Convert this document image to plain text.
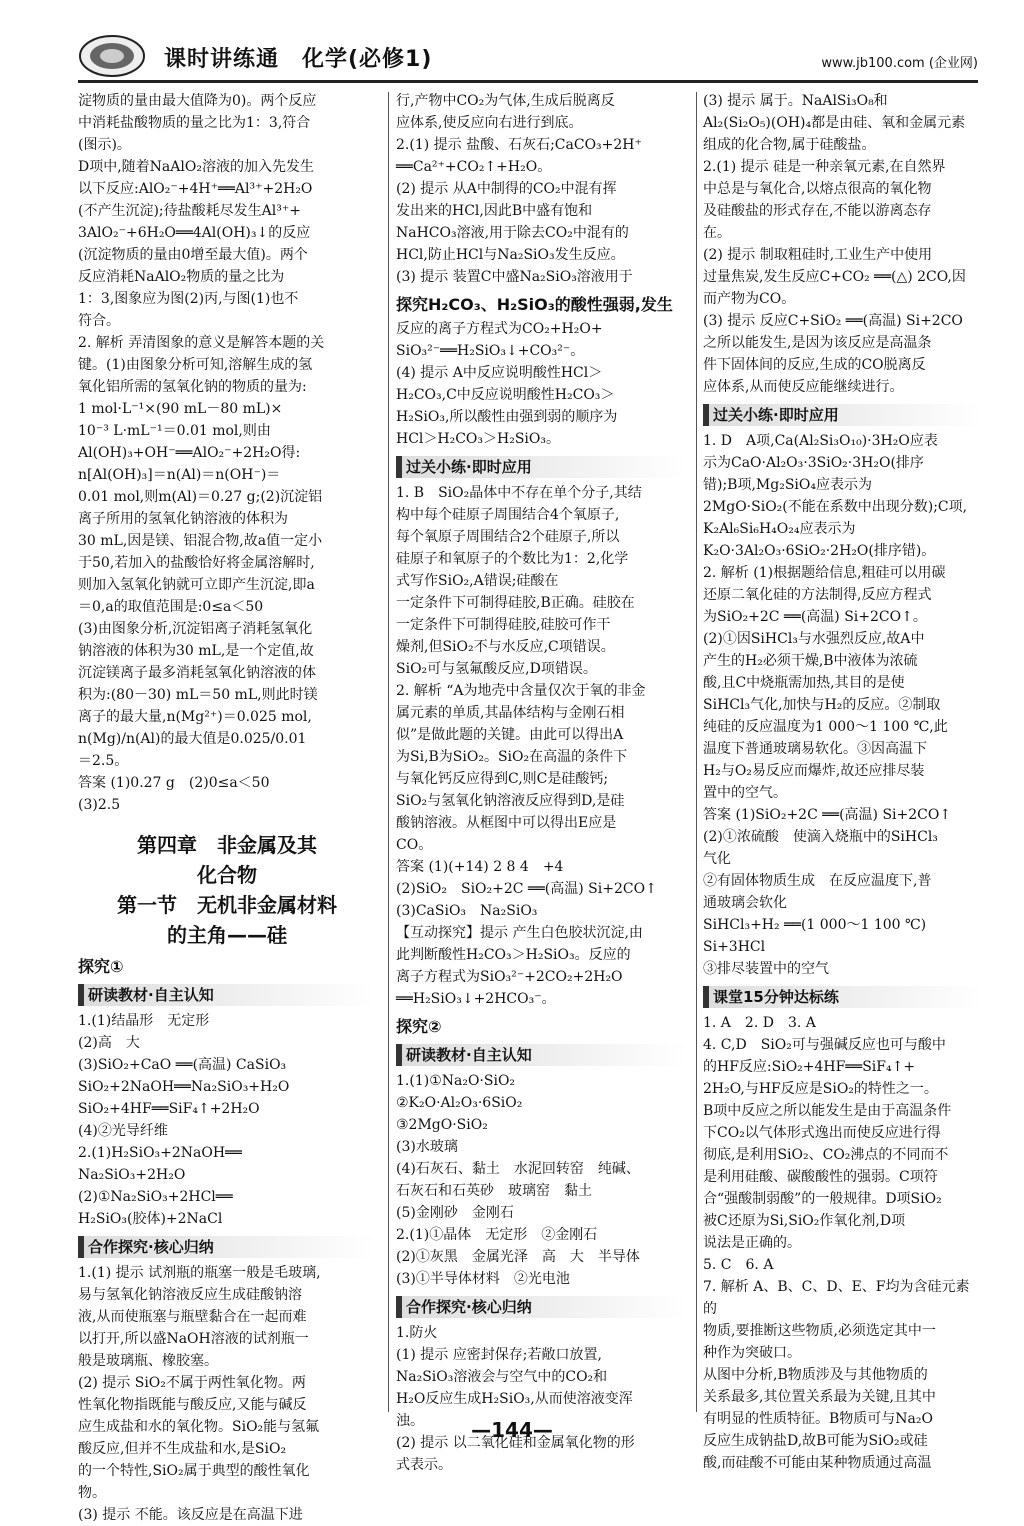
课时讲练通　化学(必修1)	www.jb100.com (企业网)
淀物质的量由最大值降为0)。两个反应
中消耗盐酸物质的量之比为1：3,符合
(图示)。
D项中,随着NaAlO₂溶液的加入先发生
以下反应:AlO₂⁻+4H⁺══Al³⁺+2H₂O
(不产生沉淀);待盐酸耗尽发生Al³⁺+
3AlO₂⁻+6H₂O══4Al(OH)₃↓的反应
(沉淀物质的量由0增至最大值)。两个
反应消耗NaAlO₂物质的量之比为
1：3,图象应为图(2)丙,与图(1)也不
符合。
2. 解析 弄清图象的意义是解答本题的关
键。(1)由图象分析可知,溶解生成的氢
氧化铝所需的氢氧化钠的物质的量为:
1 mol·L⁻¹×(90 mL－80 mL)×
10⁻³ L·mL⁻¹＝0.01 mol,则由
Al(OH)₃+OH⁻══AlO₂⁻+2H₂O得:
n[Al(OH)₃]＝n(Al)＝n(OH⁻)＝
0.01 mol,则m(Al)＝0.27 g;(2)沉淀铝
离子所用的氢氧化钠溶液的体积为
30 mL,因是镁、铝混合物,故a值一定小
于50,若加入的盐酸恰好将金属溶解时,
则加入氢氧化钠就可立即产生沉淀,即a
＝0,a的取值范围是:0≤a＜50
(3)由图象分析,沉淀铝离子消耗氢氧化
钠溶液的体积为30 mL,是一个定值,故
沉淀镁离子最多消耗氢氧化钠溶液的体
积为:(80－30) mL＝50 mL,则此时镁
离子的最大量,n(Mg²⁺)＝0.025 mol,
n(Mg)/n(Al)的最大值是0.025/0.01
＝2.5。
答案 (1)0.27 g　(2)0≤a＜50
(3)2.5
第四章　非金属及其
化合物
第一节　无机非金属材料
的主角——硅
探究①
研读教材·自主认知
1.(1)结晶形　无定形
(2)高　大
(3)SiO₂+CaO ══(高温) CaSiO₃
SiO₂+2NaOH══Na₂SiO₃+H₂O
SiO₂+4HF══SiF₄↑+2H₂O
(4)②光导纤维
2.(1)H₂SiO₃+2NaOH══
Na₂SiO₃+2H₂O
(2)①Na₂SiO₃+2HCl══
H₂SiO₃(胶体)+2NaCl
合作探究·核心归纳
1.(1) 提示 试剂瓶的瓶塞一般是毛玻璃,
易与氢氧化钠溶液反应生成硅酸钠溶
液,从而使瓶塞与瓶壁黏合在一起而难
以打开,所以盛NaOH溶液的试剂瓶一
般是玻璃瓶、橡胶塞。
(2) 提示 SiO₂不属于两性氧化物。两
性氧化物指既能与酸反应,又能与碱反
应生成盐和水的氧化物。SiO₂能与氢氟
酸反应,但并不生成盐和水,是SiO₂
的一个特性,SiO₂属于典型的酸性氧化
物。
(3) 提示 不能。该反应是在高温下进
行,产物中CO₂为气体,生成后脱离反
应体系,使反应向右进行到底。
2.(1) 提示 盐酸、石灰石;CaCO₃+2H⁺
══Ca²⁺+CO₂↑+H₂O。
(2) 提示 从A中制得的CO₂中混有挥
发出来的HCl,因此B中盛有饱和
NaHCO₃溶液,用于除去CO₂中混有的
HCl,防止HCl与Na₂SiO₃发生反应。
(3) 提示 装置C中盛Na₂SiO₃溶液用于
探究H₂CO₃、H₂SiO₃的酸性强弱,发生
反应的离子方程式为CO₂+H₂O+
SiO₃²⁻══H₂SiO₃↓+CO₃²⁻。
(4) 提示 A中反应说明酸性HCl＞
H₂CO₃,C中反应说明酸性H₂CO₃＞
H₂SiO₃,所以酸性由强到弱的顺序为
HCl＞H₂CO₃＞H₂SiO₃。
过关小练·即时应用
1. B　SiO₂晶体中不存在单个分子,其结
构中每个硅原子周围结合4个氧原子,
每个氧原子周围结合2个硅原子,所以
硅原子和氧原子的个数比为1：2,化学
式写作SiO₂,A错误;硅酸在
一定条件下可制得硅胶,B正确。硅胶在
一定条件下可制得硅胶,硅胶可作干
燥剂,但SiO₂不与水反应,C项错误。
SiO₂可与氢氟酸反应,D项错误。
2. 解析 “A为地壳中含量仅次于氧的非金
属元素的单质,其晶体结构与金刚石相
似”是做此题的关键。由此可以得出A
为Si,B为SiO₂。SiO₂在高温的条件下
与氧化钙反应得到C,则C是硅酸钙;
SiO₂与氢氧化钠溶液反应得到D,是硅
酸钠溶液。从框图中可以得出E应是
CO。
答案 (1)(+14) 2 8 4　+4
(2)SiO₂　SiO₂+2C ══(高温) Si+2CO↑
(3)CaSiO₃　Na₂SiO₃
【互动探究】提示 产生白色胶状沉淀,由
此判断酸性H₂CO₃＞H₂SiO₃。反应的
离子方程式为SiO₃²⁻+2CO₂+2H₂O
══H₂SiO₃↓+2HCO₃⁻。
探究②
研读教材·自主认知
1.(1)①Na₂O·SiO₂
②K₂O·Al₂O₃·6SiO₂
③2MgO·SiO₂
(3)水玻璃
(4)石灰石、黏土　水泥回转窑　纯碱、
石灰石和石英砂　玻璃窑　黏土
(5)金刚砂　金刚石
2.(1)①晶体　无定形　②金刚石
(2)①灰黑　金属光泽　高　大　半导体
(3)①半导体材料　②光电池
合作探究·核心归纳
1.防火
(1) 提示 应密封保存;若敞口放置,
Na₂SiO₃溶液会与空气中的CO₂和
H₂O反应生成H₂SiO₃,从而使溶液变浑
浊。
(2) 提示 以二氧化硅和金属氧化物的形
式表示。
(3) 提示 属于。NaAlSi₃O₈和
Al₂(Si₂O₅)(OH)₄都是由硅、氧和金属元素
组成的化合物,属于硅酸盐。
2.(1) 提示 硅是一种亲氧元素,在自然界
中总是与氧化合,以熔点很高的氧化物
及硅酸盐的形式存在,不能以游离态存
在。
(2) 提示 制取粗硅时,工业生产中使用
过量焦炭,发生反应C+CO₂ ══(△) 2CO,因
而产物为CO。
(3) 提示 反应C+SiO₂ ══(高温) Si+2CO
之所以能发生,是因为该反应是高温条
件下固体间的反应,生成的CO脱离反
应体系,从而使反应能继续进行。
过关小练·即时应用
1. D　A项,Ca(Al₂Si₃O₁₀)·3H₂O应表
示为CaO·Al₂O₃·3SiO₂·3H₂O(排序
错);B项,Mg₂SiO₄应表示为
2MgO·SiO₂(不能在系数中出现分数);C项,
K₂Al₆Si₆H₄O₂₄应表示为
K₂O·3Al₂O₃·6SiO₂·2H₂O(排序错)。
2. 解析 (1)根据题给信息,粗硅可以用碳
还原二氧化硅的方法制得,反应方程式
为SiO₂+2C ══(高温) Si+2CO↑。
(2)①因SiHCl₃与水强烈反应,故A中
产生的H₂必须干燥,B中液体为浓硫
酸,且C中烧瓶需加热,其目的是使
SiHCl₃气化,加快与H₂的反应。②制取
纯硅的反应温度为1 000～1 100 ℃,此
温度下普通玻璃易软化。③因高温下
H₂与O₂易反应而爆炸,故还应排尽装
置中的空气。
答案 (1)SiO₂+2C ══(高温) Si+2CO↑
(2)①浓硫酸　使滴入烧瓶中的SiHCl₃
气化
②有固体物质生成　在反应温度下,普
通玻璃会软化
SiHCl₃+H₂ ══(1 000～1 100 ℃) Si+3HCl
③排尽装置中的空气
课堂15分钟达标练
1. A　2. D　3. A
4. C,D　SiO₂可与强碱反应也可与酸中
的HF反应:SiO₂+4HF══SiF₄↑+
2H₂O,与HF反应是SiO₂的特性之一。
B项中反应之所以能发生是由于高温条件
下CO₂以气体形式逸出而使反应进行得
彻底,是利用SiO₂、CO₂沸点的不同而不
是利用硅酸、碳酸酸性的强弱。C项符
合“强酸制弱酸”的一般规律。D项SiO₂
被C还原为Si,SiO₂作氧化剂,D项
说法是正确的。
5. C　6. A
7. 解析 A、B、C、D、E、F均为含硅元素的
物质,要推断这些物质,必须选定其中一
种作为突破口。
从图中分析,B物质涉及与其他物质的
关系最多,其位置关系最为关键,且其中
有明显的性质特征。B物质可与Na₂O
反应生成钠盐D,故B可能为SiO₂或硅
酸,而硅酸不可能由某种物质通过高温
—144—
